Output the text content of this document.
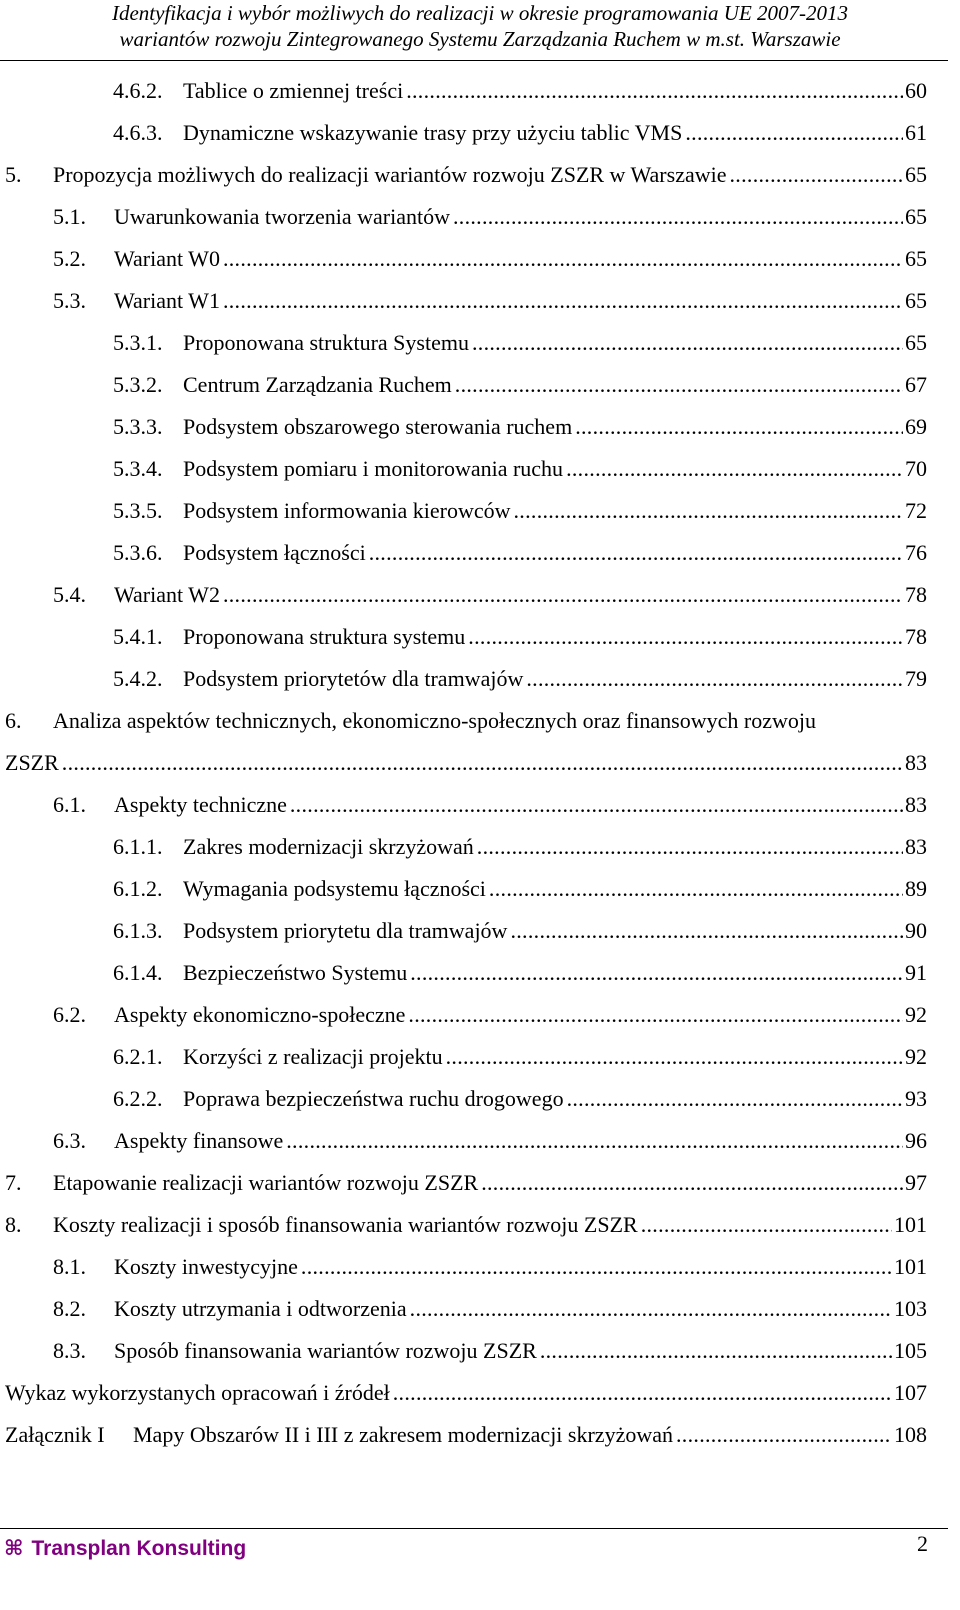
Identyfikacja i wybór możliwych do realizacji w okresie programowania UE 2007-2013
wariantów rozwoju Zintegrowanego Systemu Zarządzania Ruchem w m.st. Warszawie
4.6.2. Tablice o zmiennej treści . . .	60
4.6.3. Dynamiczne wskazywanie trasy przy użyciu tablic VMS . . .	61
5.	Propozycja możliwych do realizacji wariantów rozwoju ZSZR w Warszawie . . .	65
5.1.	Uwarunkowania tworzenia wariantów . . .	65
5.2.	Wariant W0 . . .	65
5.3.	Wariant W1 . . .	65
5.3.1. Proponowana struktura Systemu . . .	65
5.3.2. Centrum Zarządzania Ruchem . . .	67
5.3.3. Podsystem obszarowego sterowania ruchem . . .	69
5.3.4. Podsystem pomiaru i monitorowania ruchu . . .	70
5.3.5. Podsystem informowania kierowców . . .	72
5.3.6. Podsystem łączności . . .	76
5.4.	Wariant W2 . . .	78
5.4.1. Proponowana struktura systemu . . .	78
5.4.2. Podsystem priorytetów dla tramwajów . . .	79
6. Analiza aspektów technicznych, ekonomiczno-społecznych oraz finansowych rozwoju
ZSZR . . .	83
6.1.	Aspekty techniczne . . .	83
6.1.1. Zakres modernizacji skrzyżowań . . .	83
6.1.2. Wymagania podsystemu łączności . . .	89
6.1.3. Podsystem priorytetu dla tramwajów . . .	90
6.1.4. Bezpieczeństwo Systemu . . .	91
6.2.	Aspekty ekonomiczno-społeczne . . .	92
6.2.1. Korzyści z realizacji projektu . . .	92
6.2.2. Poprawa bezpieczeństwa ruchu drogowego . . .	93
6.3.	Aspekty finansowe . . .	96
7.	Etapowanie realizacji wariantów rozwoju ZSZR . . .	97
8.	Koszty realizacji i sposób finansowania wariantów rozwoju ZSZR . . .	101
8.1.	Koszty inwestycyjne . . .	101
8.2.	Koszty utrzymania i odtworzenia . . .	103
8.3.	Sposób finansowania wariantów rozwoju ZSZR . . .	105
Wykaz wykorzystanych opracowań i źródeł . . .	107
Załącznik I	Mapy Obszarów II i III z zakresem modernizacji skrzyżowań . . .	108
⌘ Transplan Konsulting	2
